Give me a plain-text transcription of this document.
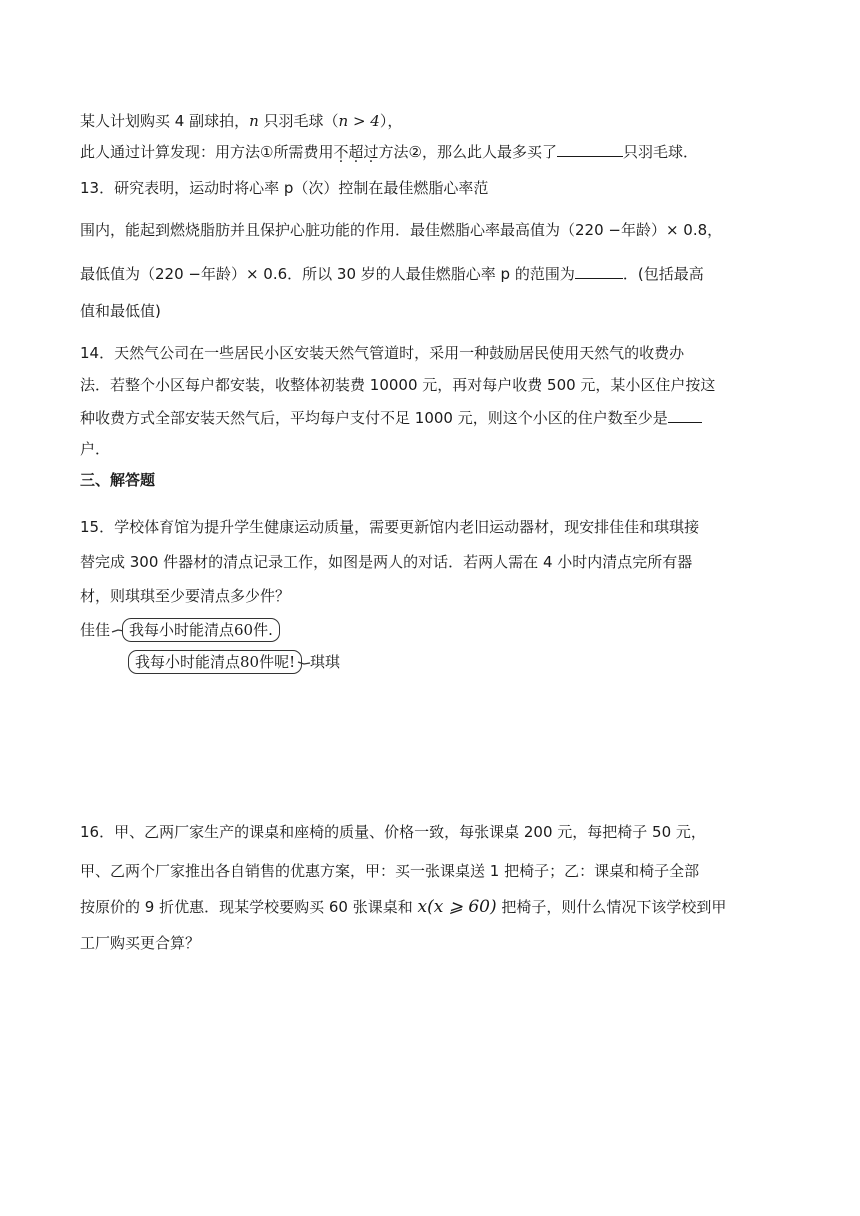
某人计划购买 4 副球拍，n 只羽毛球（n > 4），
此人通过计算发现：用方法①所需费用不超过方法②，那么此人最多买了	只羽毛球．
13．研究表明，运动时将心率 p（次）控制在最佳燃脂心率范
围内，能起到燃烧脂肪并且保护心脏功能的作用．最佳燃脂心率最高值为（220 −年龄）× 0.8，
最低值为（220 −年龄）× 0.6．所以 30 岁的人最佳燃脂心率 p 的范围为	．(包括最高
值和最低值)
14．天然气公司在一些居民小区安装天然气管道时，采用一种鼓励居民使用天然气的收费办
法．若整个小区每户都安装，收整体初装费 10000 元，再对每户收费 500 元，某小区住户按这
种收费方式全部安装天然气后，平均每户支付不足 1000 元，则这个小区的住户数至少是
户．
三、解答题
15．学校体育馆为提升学生健康运动质量，需要更新馆内老旧运动器材，现安排佳佳和琪琪接
替完成 300 件器材的清点记录工作，如图是两人的对话．若两人需在 4 小时内清点完所有器
材，则琪琪至少要清点多少件？
佳佳	我每小时能清点60件.
我每小时能清点80件呢! 琪琪
16．甲、乙两厂家生产的课桌和座椅的质量、价格一致，每张课桌 200 元，每把椅子 50 元，
甲、乙两个厂家推出各自销售的优惠方案，甲：买一张课桌送 1 把椅子；乙：课桌和椅子全部
按原价的 9 折优惠．现某学校要购买 60 张课桌和 x(x ⩾ 60) 把椅子，则什么情况下该学校到甲
工厂购买更合算？
